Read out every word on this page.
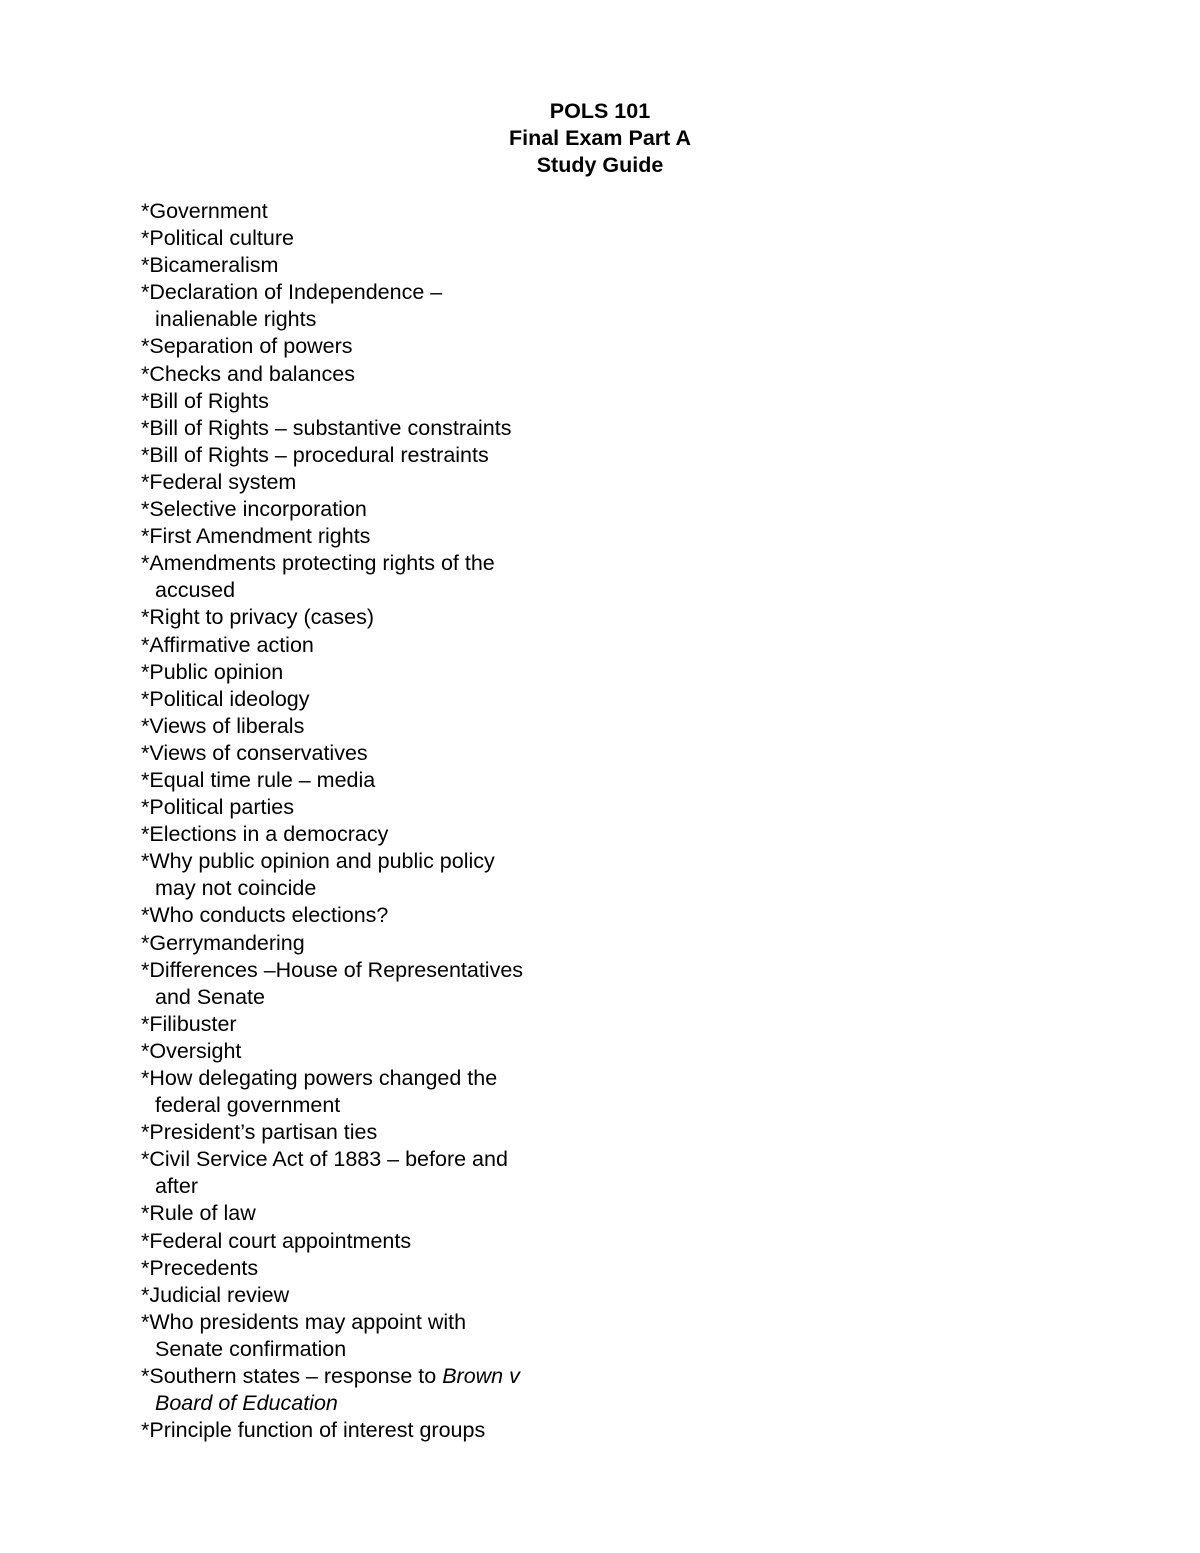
POLS 101
Final Exam Part A
Study Guide
*Government
*Political culture
*Bicameralism
*Declaration of Independence –
inalienable rights
*Separation of powers
*Checks and balances
*Bill of Rights
*Bill of Rights – substantive constraints
*Bill of Rights – procedural restraints
*Federal system
*Selective incorporation
*First Amendment rights
*Amendments protecting rights of the
accused
*Right to privacy (cases)
*Affirmative action
*Public opinion
*Political ideology
*Views of liberals
*Views of conservatives
*Equal time rule – media
*Political parties
*Elections in a democracy
*Why public opinion and public policy
may not coincide
*Who conducts elections?
*Gerrymandering
*Differences –House of Representatives
and Senate
*Filibuster
*Oversight
*How delegating powers changed the
federal government
*President’s partisan ties
*Civil Service Act of 1883 – before and
after
*Rule of law
*Federal court appointments
*Precedents
*Judicial review
*Who presidents may appoint with
Senate confirmation
*Southern states – response to Brown v
Board of Education
*Principle function of interest groups
